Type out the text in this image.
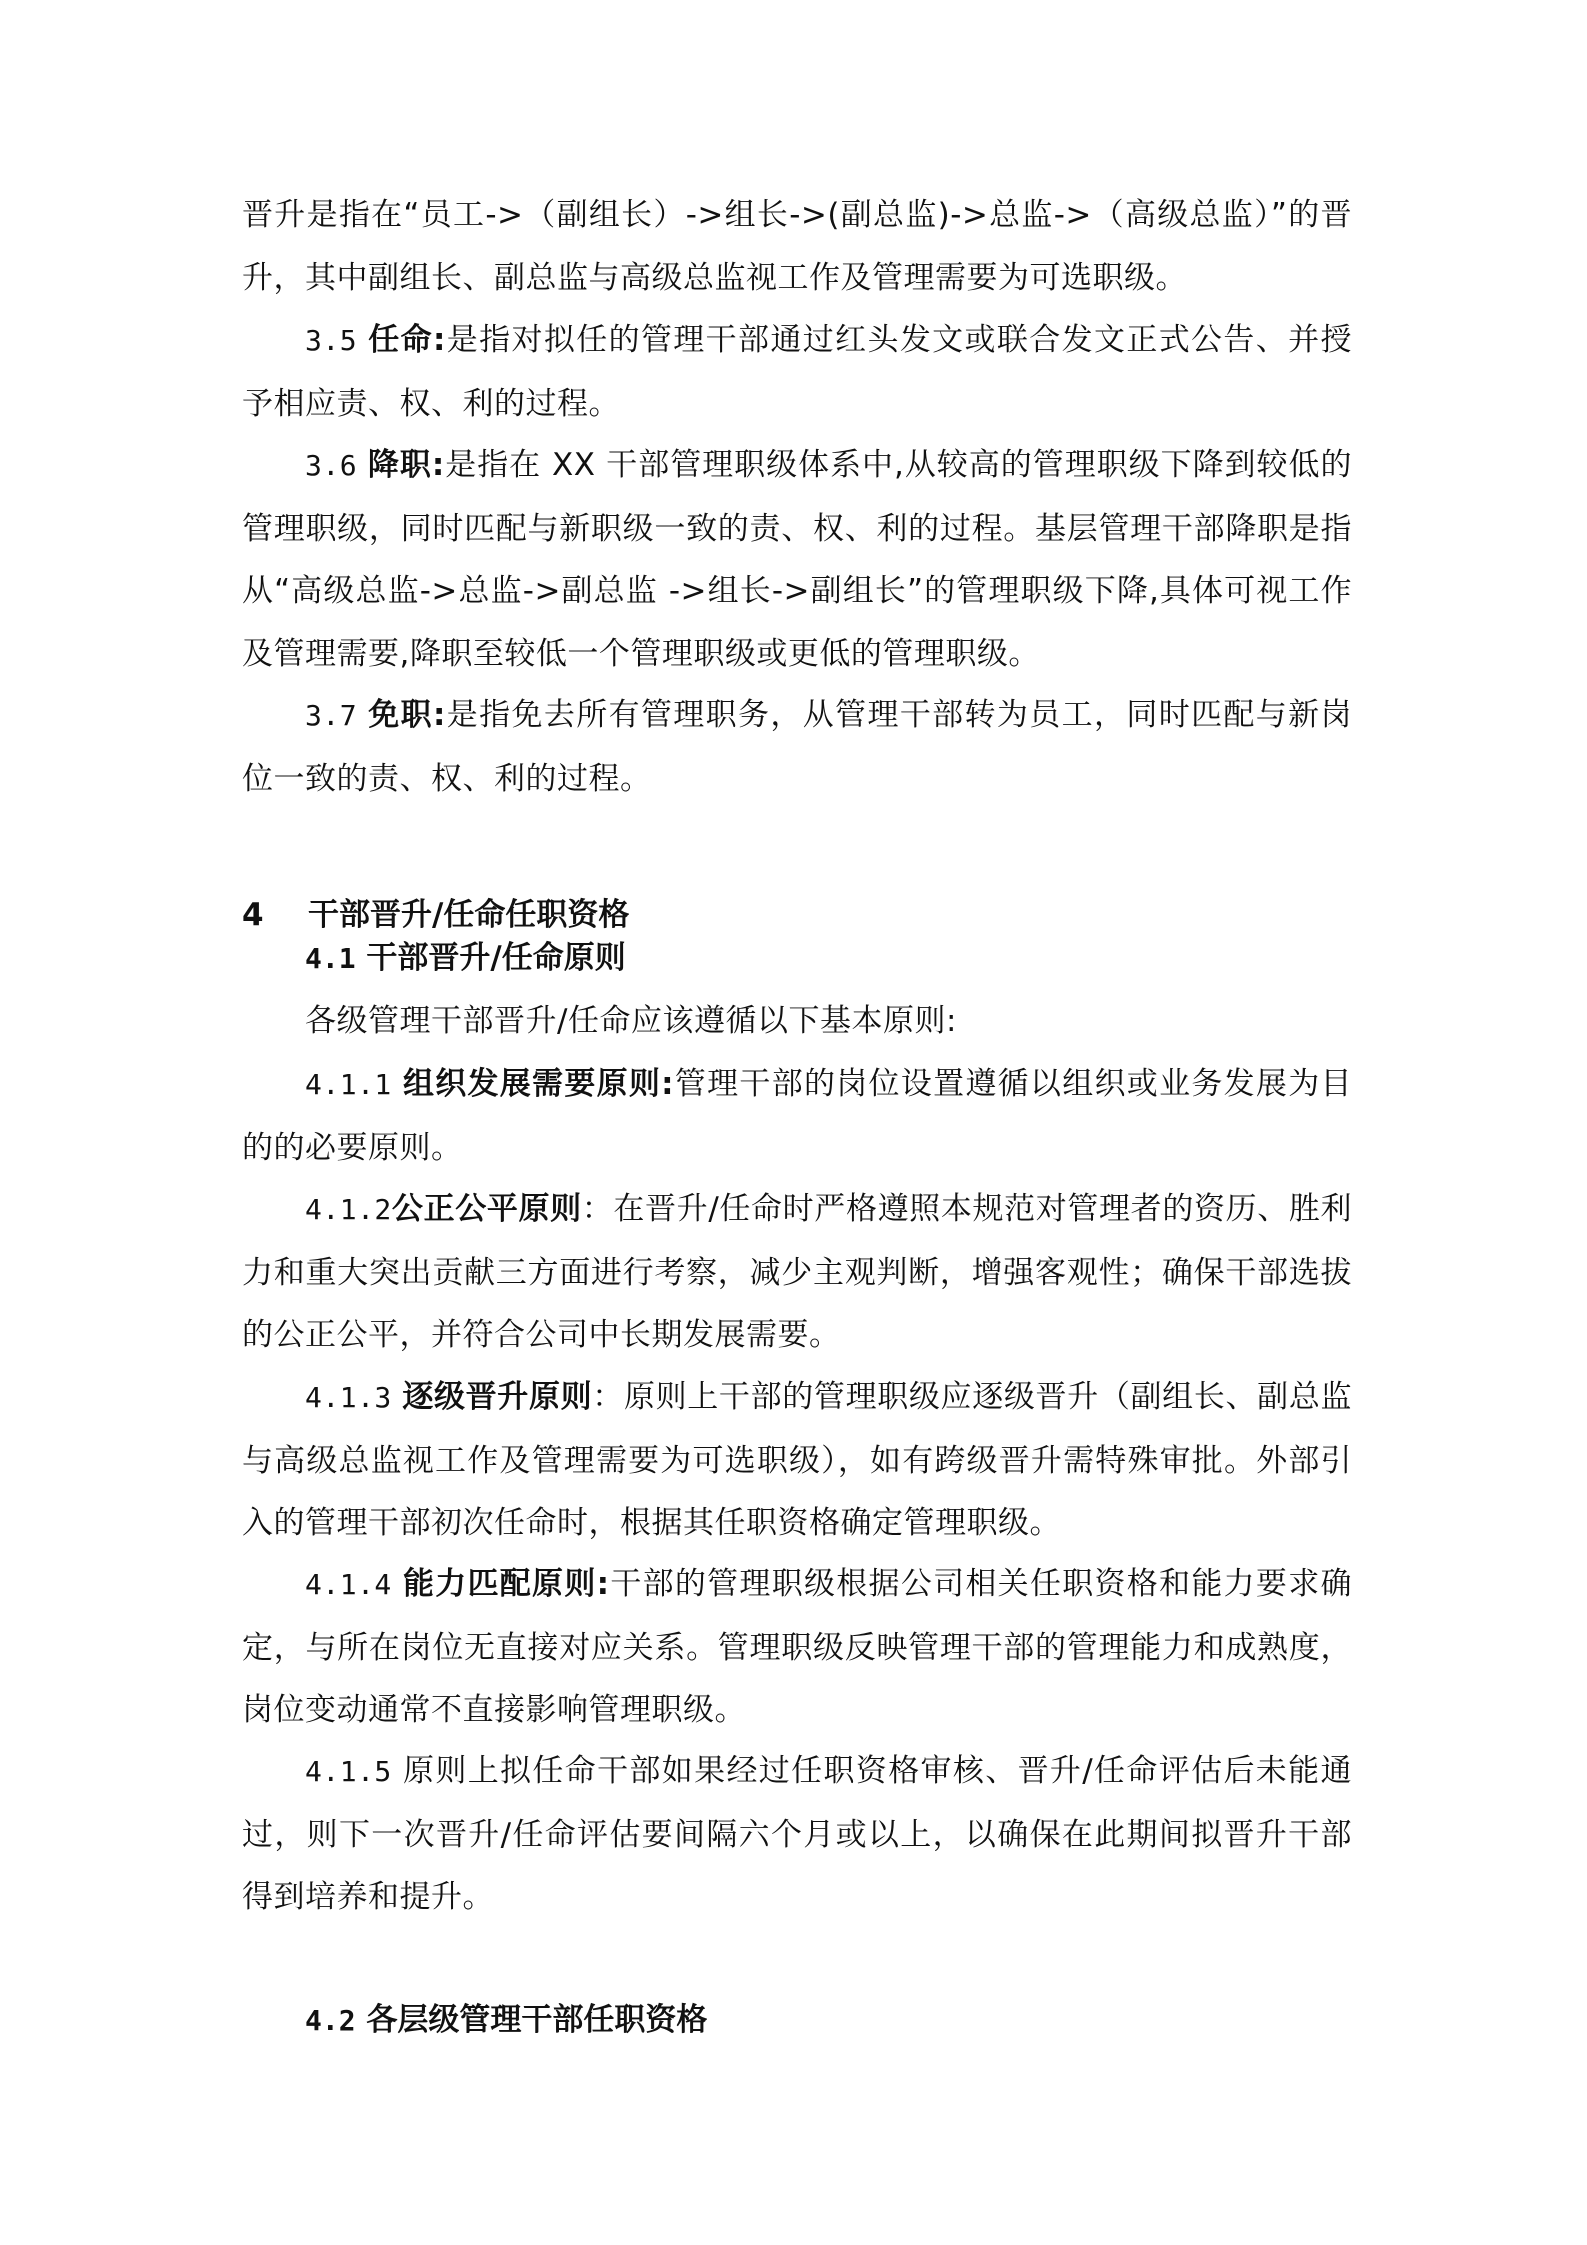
晋升是指在“员工->（副组长）->组长->(副总监)->总监->（高级总监）”的晋升，其中副组长、副总监与高级总监视工作及管理需要为可选职级。

3.5 任命:是指对拟任的管理干部通过红头发文或联合发文正式公告、并授予相应责、权、利的过程。

3.6 降职:是指在 XX 干部管理职级体系中,从较高的管理职级下降到较低的管理职级，同时匹配与新职级一致的责、权、利的过程。基层管理干部降职是指从“高级总监->总监->副总监 ->组长->副组长”的管理职级下降,具体可视工作及管理需要,降职至较低一个管理职级或更低的管理职级。

3.7 免职:是指免去所有管理职务，从管理干部转为员工，同时匹配与新岗位一致的责、权、利的过程。

4 干部晋升/任命任职资格
4.1 干部晋升/任命原则

各级管理干部晋升/任命应该遵循以下基本原则:

4.1.1 组织发展需要原则:管理干部的岗位设置遵循以组织或业务发展为目的的必要原则。

4.1.2公正公平原则：在晋升/任命时严格遵照本规范对管理者的资历、胜利力和重大突出贡献三方面进行考察，减少主观判断，增强客观性；确保干部选拔的公正公平，并符合公司中长期发展需要。

4.1.3 逐级晋升原则：原则上干部的管理职级应逐级晋升（副组长、副总监与高级总监视工作及管理需要为可选职级），如有跨级晋升需特殊审批。外部引入的管理干部初次任命时，根据其任职资格确定管理职级。

4.1.4 能力匹配原则:干部的管理职级根据公司相关任职资格和能力要求确定，与所在岗位无直接对应关系。管理职级反映管理干部的管理能力和成熟度，岗位变动通常不直接影响管理职级。

4.1.5 原则上拟任命干部如果经过任职资格审核、晋升/任命评估后未能通过，则下一次晋升/任命评估要间隔六个月或以上，以确保在此期间拟晋升干部得到培养和提升。

4.2 各层级管理干部任职资格
